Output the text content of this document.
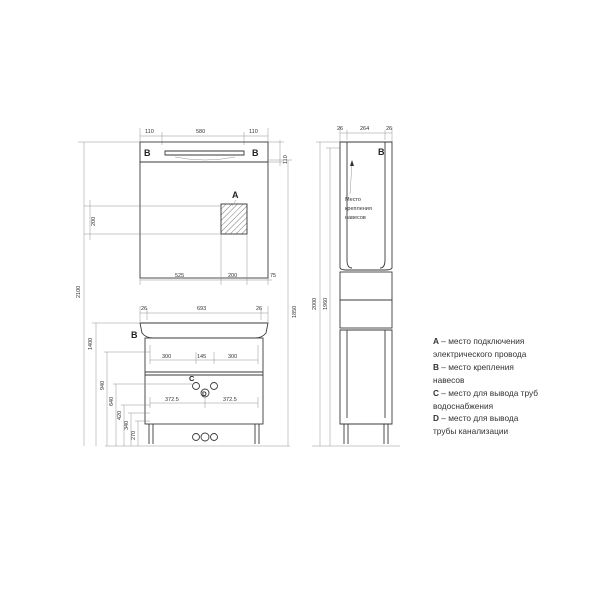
110	580	110
B	B
110
A
200
525	200	75
26	693	26
B
300	145	300
C
D
372.5	372.5
2100
1400
940
640
420
340
270
1850
26	264	26
B
Место
крепления
навесов
2000 1960
A – место подключения
электрического провода
B – место крепления
навесов
C – место для вывода труб
водоснабжения
D – место для вывода
трубы канализации
